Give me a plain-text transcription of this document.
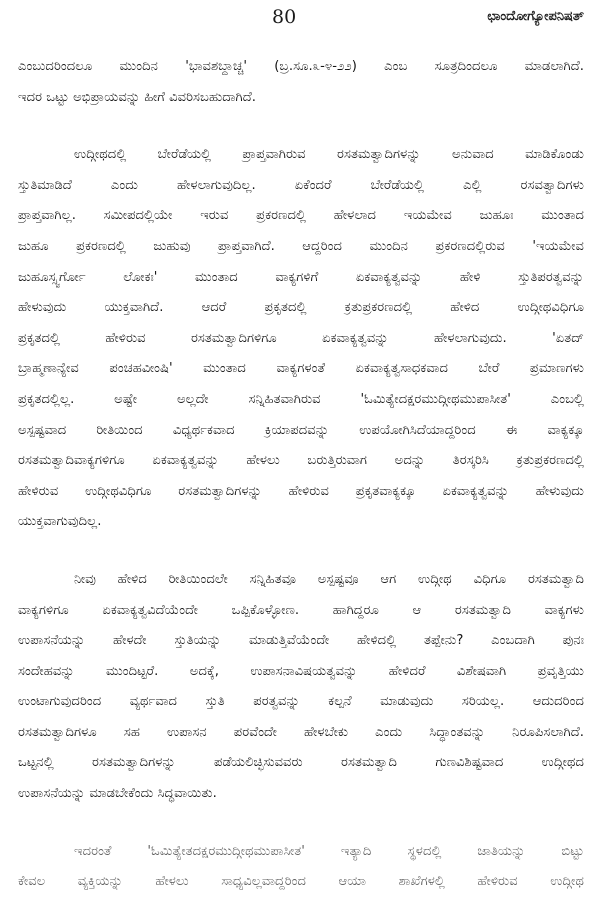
80	ಛಾಂದೋಗ್ಯೋಪನಿಷತ್
ಎಂಬುದರಿಂದಲೂ ಮುಂದಿನ 'ಭಾವಶಬ್ದಾಚ್ಚ' (ಬ್ರ.ಸೂ.೩-೪-೨೨) ಎಂಬ ಸೂತ್ರದಿಂದಲೂ ಮಾಡಲಾಗಿದೆ.
ಇದರ ಒಟ್ಟು ಅಭಿಪ್ರಾಯವನ್ನು ಹೀಗೆ ವಿವರಿಸಬಹುದಾಗಿದೆ.
ಉದ್ಗೀಥದಲ್ಲಿ ಬೇರೆಡೆಯಲ್ಲಿ ಪ್ರಾಪ್ತವಾಗಿರುವ ರಸತಮತ್ವಾದಿಗಳನ್ನು ಅನುವಾದ ಮಾಡಿಕೊಂಡು
ಸ್ತುತಿಮಾಡಿದೆ ಎಂದು ಹೇಳಲಾಗುವುದಿಲ್ಲ. ಏಕೆಂದರೆ ಬೇರೆಡೆಯಲ್ಲಿ ಎಲ್ಲಿ ರಸವತ್ವಾದಿಗಳು
ಪ್ರಾಪ್ತವಾಗಿಲ್ಲ. ಸಮೀಪದಲ್ಲಿಯೇ ಇರುವ ಪ್ರಕರಣದಲ್ಲಿ ಹೇಳಲಾದ ಇಯಮೇವ ಜುಹೂಃ ಮುಂತಾದ
ಜುಹೂ ಪ್ರಕರಣದಲ್ಲಿ ಜುಹುವು ಪ್ರಾಪ್ತವಾಗಿದೆ. ಆದ್ದರಿಂದ ಮುಂದಿನ ಪ್ರಕರಣದಲ್ಲಿರುವ 'ಇಯಮೇವ
ಜುಹೂಸ್ಸ್ವರ್ಗೋ ಲೋಕಃ' ಮುಂತಾದ ವಾಕ್ಯಗಳಿಗೆ ಏಕವಾಕ್ಯತ್ವವನ್ನು ಹೇಳಿ ಸ್ತುತಿಪರತ್ವವನ್ನು
ಹೇಳುವುದು ಯುಕ್ತವಾಗಿದೆ. ಆದರೆ ಪ್ರಕೃತದಲ್ಲಿ ಕ್ರತುಪ್ರಕರಣದಲ್ಲಿ ಹೇಳಿದ ಉದ್ಗೀಥವಿಧಿಗೂ
ಪ್ರಕೃತದಲ್ಲಿ ಹೇಳಿರುವ ರಸತಮತ್ವಾದಿಗಳಿಗೂ ಏಕವಾಕ್ಯತ್ವವನ್ನು ಹೇಳಲಾಗುವುದು. 'ಏತದ್
ಬ್ರಾಹ್ಮಣಾನ್ಯೇವ ಪಂಚಹವೀಂಷಿ' ಮುಂತಾದ ವಾಕ್ಯಗಳಂತೆ ಏಕವಾಕ್ಯತ್ವಸಾಧಕವಾದ ಬೇರೆ ಪ್ರಮಾಣಗಳು
ಪ್ರಕೃತದಲ್ಲಿಲ್ಲ. ಅಷ್ಟೇ ಅಲ್ಲದೇ ಸನ್ನಿಹಿತವಾಗಿರುವ 'ಓಮಿತ್ಯೇದಕ್ಷರಮುದ್ಗೀಥಮುಪಾಸೀತ' ಎಂಬಲ್ಲಿ
ಅಸ್ಪಷ್ಟವಾದ ರೀತಿಯಿಂದ ವಿಧ್ಯರ್ಥಕವಾದ ಕ್ರಿಯಾಪದವನ್ನು ಉಪಯೋಗಿಸಿದೆಯಾದ್ದರಿಂದ ಈ ವಾಕ್ಯಕ್ಕೂ
ರಸತಮತ್ವಾದಿವಾಕ್ಯಗಳಿಗೂ ಏಕವಾಕ್ಯತ್ವವನ್ನು ಹೇಳಲು ಬರುತ್ತಿರುವಾಗ ಅದನ್ನು ತಿರಸ್ಕರಿಸಿ ಕ್ರತುಪ್ರಕರಣದಲ್ಲಿ
ಹೇಳಿರುವ ಉದ್ಗೀಥವಿಧಿಗೂ ರಸತಮತ್ವಾದಿಗಳನ್ನು ಹೇಳಿರುವ ಪ್ರಕೃತವಾಕ್ಯಕ್ಕೂ ಏಕವಾಕ್ಯತ್ವವನ್ನು ಹೇಳುವುದು
ಯುಕ್ತವಾಗುವುದಿಲ್ಲ.
ನೀವು ಹೇಳಿದ ರೀತಿಯಿಂದಲೇ ಸನ್ನಿಹಿತವೂ ಅಸ್ಪಷ್ಟವೂ ಆಗ ಉದ್ಗೀಥ ವಿಧಿಗೂ ರಸತಮತ್ವಾದಿ
ವಾಕ್ಯಗಳಿಗೂ ಏಕವಾಕ್ಯತ್ವವಿದೆಯೆಂದೇ ಒಪ್ಪಿಕೊಳ್ಳೋಣ. ಹಾಗಿದ್ದರೂ ಆ ರಸತಮತ್ವಾದಿ ವಾಕ್ಯಗಳು
ಉಪಾಸನೆಯನ್ನು ಹೇಳದೇ ಸ್ತುತಿಯನ್ನು ಮಾಡುತ್ತಿವೆಯೆಂದೇ ಹೇಳಿದಲ್ಲಿ ತಪ್ಪೇನು? ಎಂಬದಾಗಿ ಪುನಃ
ಸಂದೇಹವನ್ನು ಮುಂದಿಟ್ಟರೆ. ಅದಕ್ಕೆ, ಉಪಾಸನಾವಿಷಯತ್ವವನ್ನು ಹೇಳಿದರೆ ವಿಶೇಷವಾಗಿ ಪ್ರವೃತ್ತಿಯು
ಉಂಟಾಗುವುದರಿಂದ ವ್ಯರ್ಥವಾದ ಸ್ತುತಿ ಪರತ್ವವನ್ನು ಕಲ್ಪನೆ ಮಾಡುವುದು ಸರಿಯಲ್ಲ. ಆದುದರಿಂದ
ರಸತಮತ್ವಾದಿಗಳೂ ಸಹ ಉಪಾಸನ ಪರವೆಂದೇ ಹೇಳಬೇಕು ಎಂದು ಸಿದ್ಧಾಂತವನ್ನು ನಿರೂಪಿಸಲಾಗಿದೆ.
ಒಟ್ಟನಲ್ಲಿ ರಸತಮತ್ವಾದಿಗಳನ್ನು ಪಡೆಯಲಿಚ್ಛಿಸುವವರು ರಸತಮತ್ವಾದಿ ಗುಣವಿಶಿಷ್ಟವಾದ ಉದ್ಗೀಥದ
ಉಪಾಸನೆಯನ್ನು ಮಾಡಬೇಕೆಂದು ಸಿದ್ಧವಾಯಿತು.
ಇದರಂತೆ 'ಓಮಿತ್ಯೇತದಕ್ಷರಮುದ್ಗೀಥಮುಪಾಸೀತ' ಇತ್ಯಾದಿ ಸ್ಥಳದಲ್ಲಿ ಜಾತಿಯನ್ನು ಬಿಟ್ಟು
ಕೇವಲ ವ್ಯಕ್ತಿಯನ್ನು ಹೇಳಲು ಸಾಧ್ಯವಿಲ್ಲವಾದ್ದರಿಂದ ಆಯಾ ಶಾಖೆಗಳಲ್ಲಿ ಹೇಳಿರುವ ಉದ್ಗೀಥ
